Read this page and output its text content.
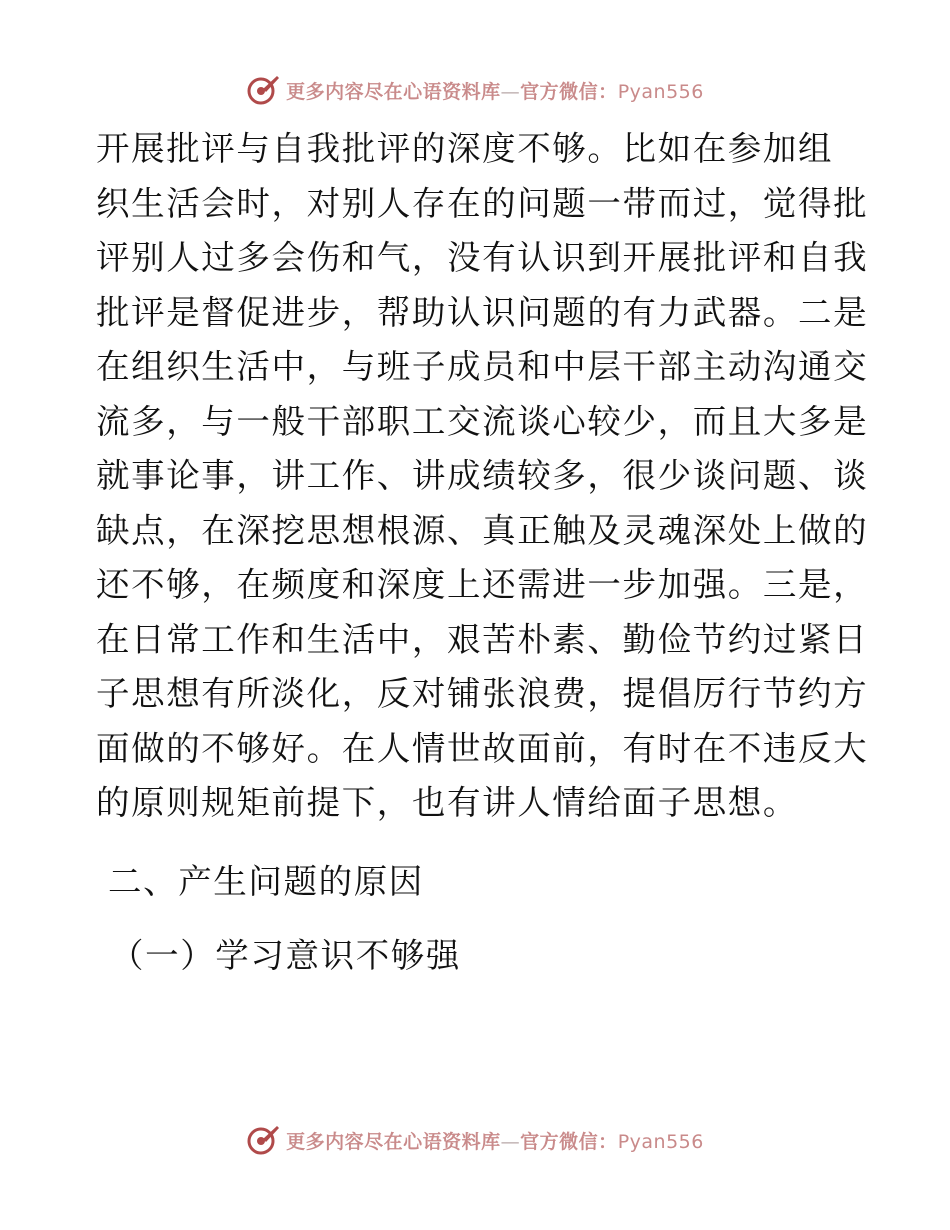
更多内容尽在心语资料库—官方微信：Pyan556

开展批评与自我批评的深度不够。比如在参加组
织生活会时，对别人存在的问题一带而过，觉得批
评别人过多会伤和气，没有认识到开展批评和自我
批评是督促进步，帮助认识问题的有力武器。二是
在组织生活中，与班子成员和中层干部主动沟通交
流多，与一般干部职工交流谈心较少，而且大多是
就事论事，讲工作、讲成绩较多，很少谈问题、谈
缺点，在深挖思想根源、真正触及灵魂深处上做的
还不够，在频度和深度上还需进一步加强。三是，
在日常工作和生活中，艰苦朴素、勤俭节约过紧日
子思想有所淡化，反对铺张浪费，提倡厉行节约方
面做的不够好。在人情世故面前，有时在不违反大
的原则规矩前提下，也有讲人情给面子思想。

二、产生问题的原因

（一）学习意识不够强

更多内容尽在心语资料库—官方微信：Pyan556
